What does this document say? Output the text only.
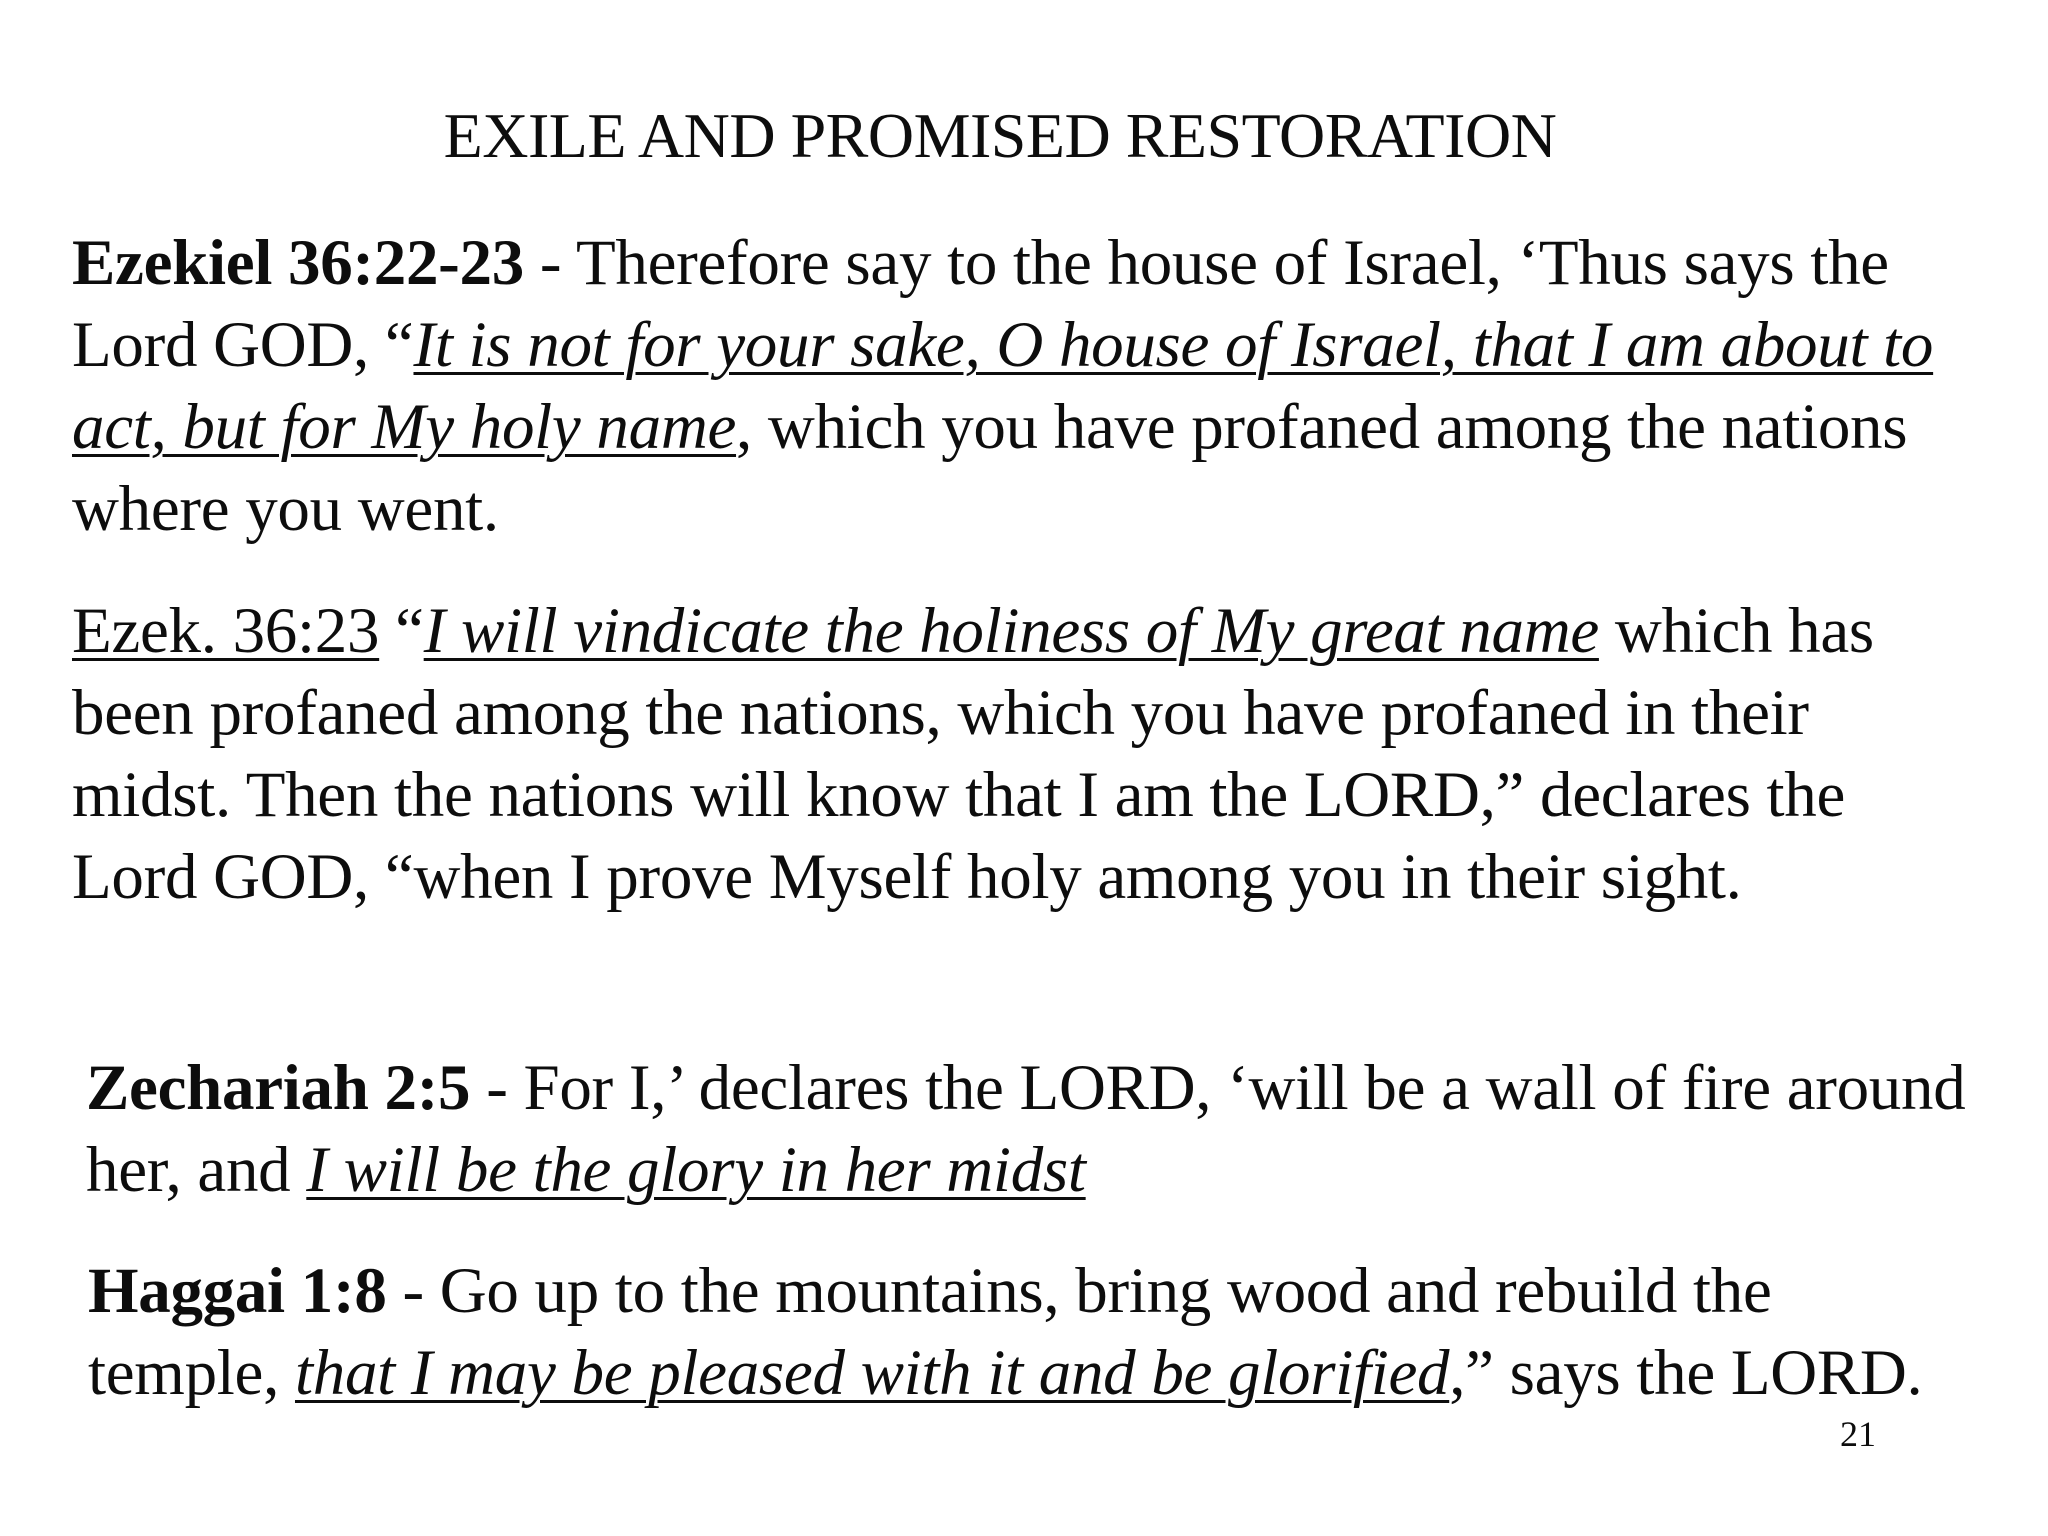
EXILE AND PROMISED RESTORATION

Ezekiel 36:22-23 - Therefore say to the house of Israel, ‘Thus says the Lord GOD, “It is not for your sake, O house of Israel, that I am about to act, but for My holy name, which you have profaned among the nations where you went.

Ezek. 36:23 “I will vindicate the holiness of My great name which has been profaned among the nations, which you have profaned in their midst. Then the nations will know that I am the LORD,” declares the Lord GOD, “when I prove Myself holy among you in their sight.

Zechariah 2:5 - For I,’ declares the LORD, ‘will be a wall of fire around her, and I will be the glory in her midst

Haggai 1:8 - Go up to the mountains, bring wood and rebuild the temple, that I may be pleased with it and be glorified,” says the LORD.

21
